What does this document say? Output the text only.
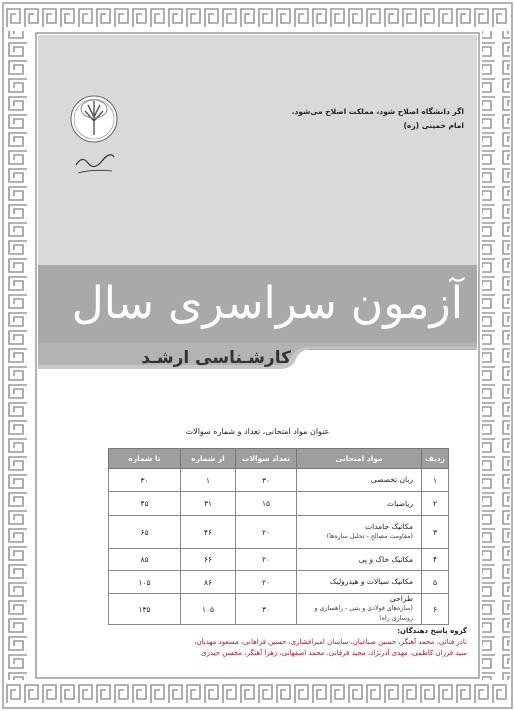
اگر دانشگاه اصلاح شود، مملکت اصلاح می‌شود.
امام خمینی (ره)
آزمون سراسری سال ۱۳۹۱
کارشـناسی ارشـد
عنوان مواد امتحانی، تعداد و شماره سوالات
ردیف	مواد امتحانی	تعداد سوالات	از شماره	تا شماره
۱	زبان تخصصی	۳۰	۱	۳۰
۲	ریاضیات	۱۵	۳۱	۴۵
۳	مکانیک جامدات
(مقاومت مصالح - تحلیل سازه‌ها)	۲۰	۴۶	۶۵
۴	مکانیک خاک و پی	۲۰	۶۶	۸۵
۵	مکانیک سیالات و هیدرولیک	۲۰	۸۶	۱۰۵
۶	طراحی
(سازه‌های فولادی و بتنی - راهسازی و روسازی راه)	۳۰	۱۰۵	۱۳۵
گروه پاسخ دهندگان:
نادر فنائی، محمد آهنگر، حسین صباغیان، ساسان امیرافشاری، حسین فراهانی، مسعود مهدیان،
سید فرزان کاظمی، مهدی آذرنژاد، مجید فرقانی، محمد اصفهانی، زهرا آهنگر، محسن حیدری
